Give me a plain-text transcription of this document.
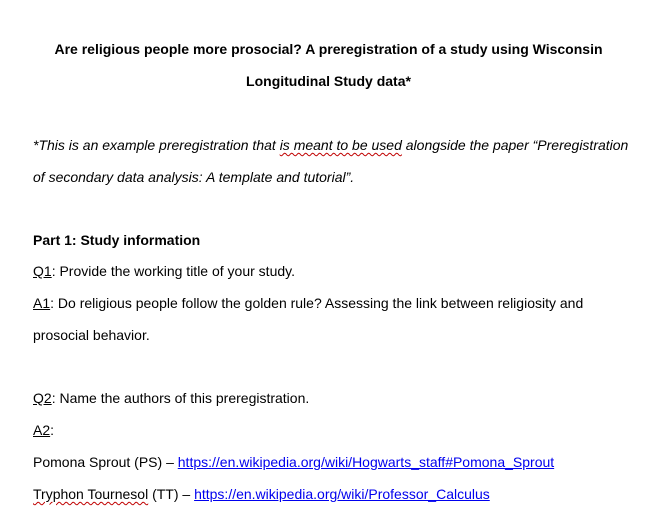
Are religious people more prosocial? A preregistration of a study using Wisconsin
Longitudinal Study data*
*This is an example preregistration that is meant to be used alongside the paper “Preregistration
of secondary data analysis: A template and tutorial”.
Part 1: Study information
Q1: Provide the working title of your study.
A1: Do religious people follow the golden rule? Assessing the link between religiosity and
prosocial behavior.
Q2: Name the authors of this preregistration.
A2:
Pomona Sprout (PS) – https://en.wikipedia.org/wiki/Hogwarts_staff#Pomona_Sprout
Tryphon Tournesol (TT) – https://en.wikipedia.org/wiki/Professor_Calculus
